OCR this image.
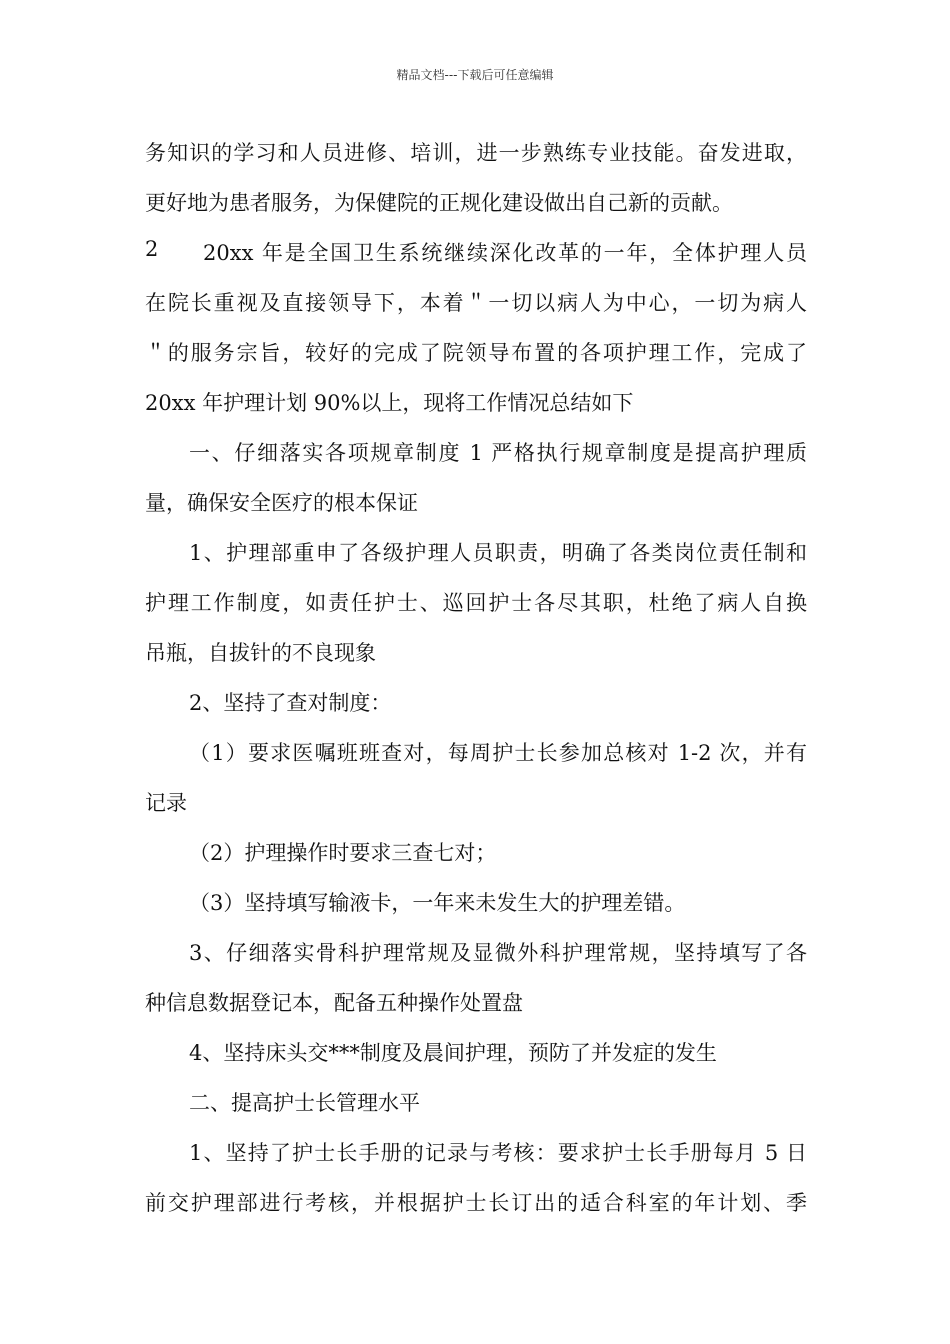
精品文档---下载后可任意编辑
务知识的学习和人员进修、培训，进一步熟练专业技能。奋发进取，
更好地为患者服务，为保健院的正规化建设做出自己新的贡献。
2 20xx 年是全国卫生系统继续深化改革的一年，全体护理人员
在院长重视及直接领导下，本着＂一切以病人为中心，一切为病人
＂的服务宗旨，较好的完成了院领导布置的各项护理工作，完成了
20xx 年护理计划 90%以上，现将工作情况总结如下
一、仔细落实各项规章制度 1 严格执行规章制度是提高护理质
量，确保安全医疗的根本保证
1、护理部重申了各级护理人员职责，明确了各类岗位责任制和
护理工作制度，如责任护士、巡回护士各尽其职，杜绝了病人自换
吊瓶，自拔针的不良现象
2、坚持了查对制度：
（1）要求医嘱班班查对，每周护士长参加总核对 1-2 次，并有
记录
（2）护理操作时要求三查七对；
（3）坚持填写输液卡，一年来未发生大的护理差错。
3、仔细落实骨科护理常规及显微外科护理常规，坚持填写了各
种信息数据登记本，配备五种操作处置盘
4、坚持床头交***制度及晨间护理，预防了并发症的发生
二、提高护士长管理水平
1、坚持了护士长手册的记录与考核：要求护士长手册每月 5 日
前交护理部进行考核，并根据护士长订出的适合科室的年计划、季
